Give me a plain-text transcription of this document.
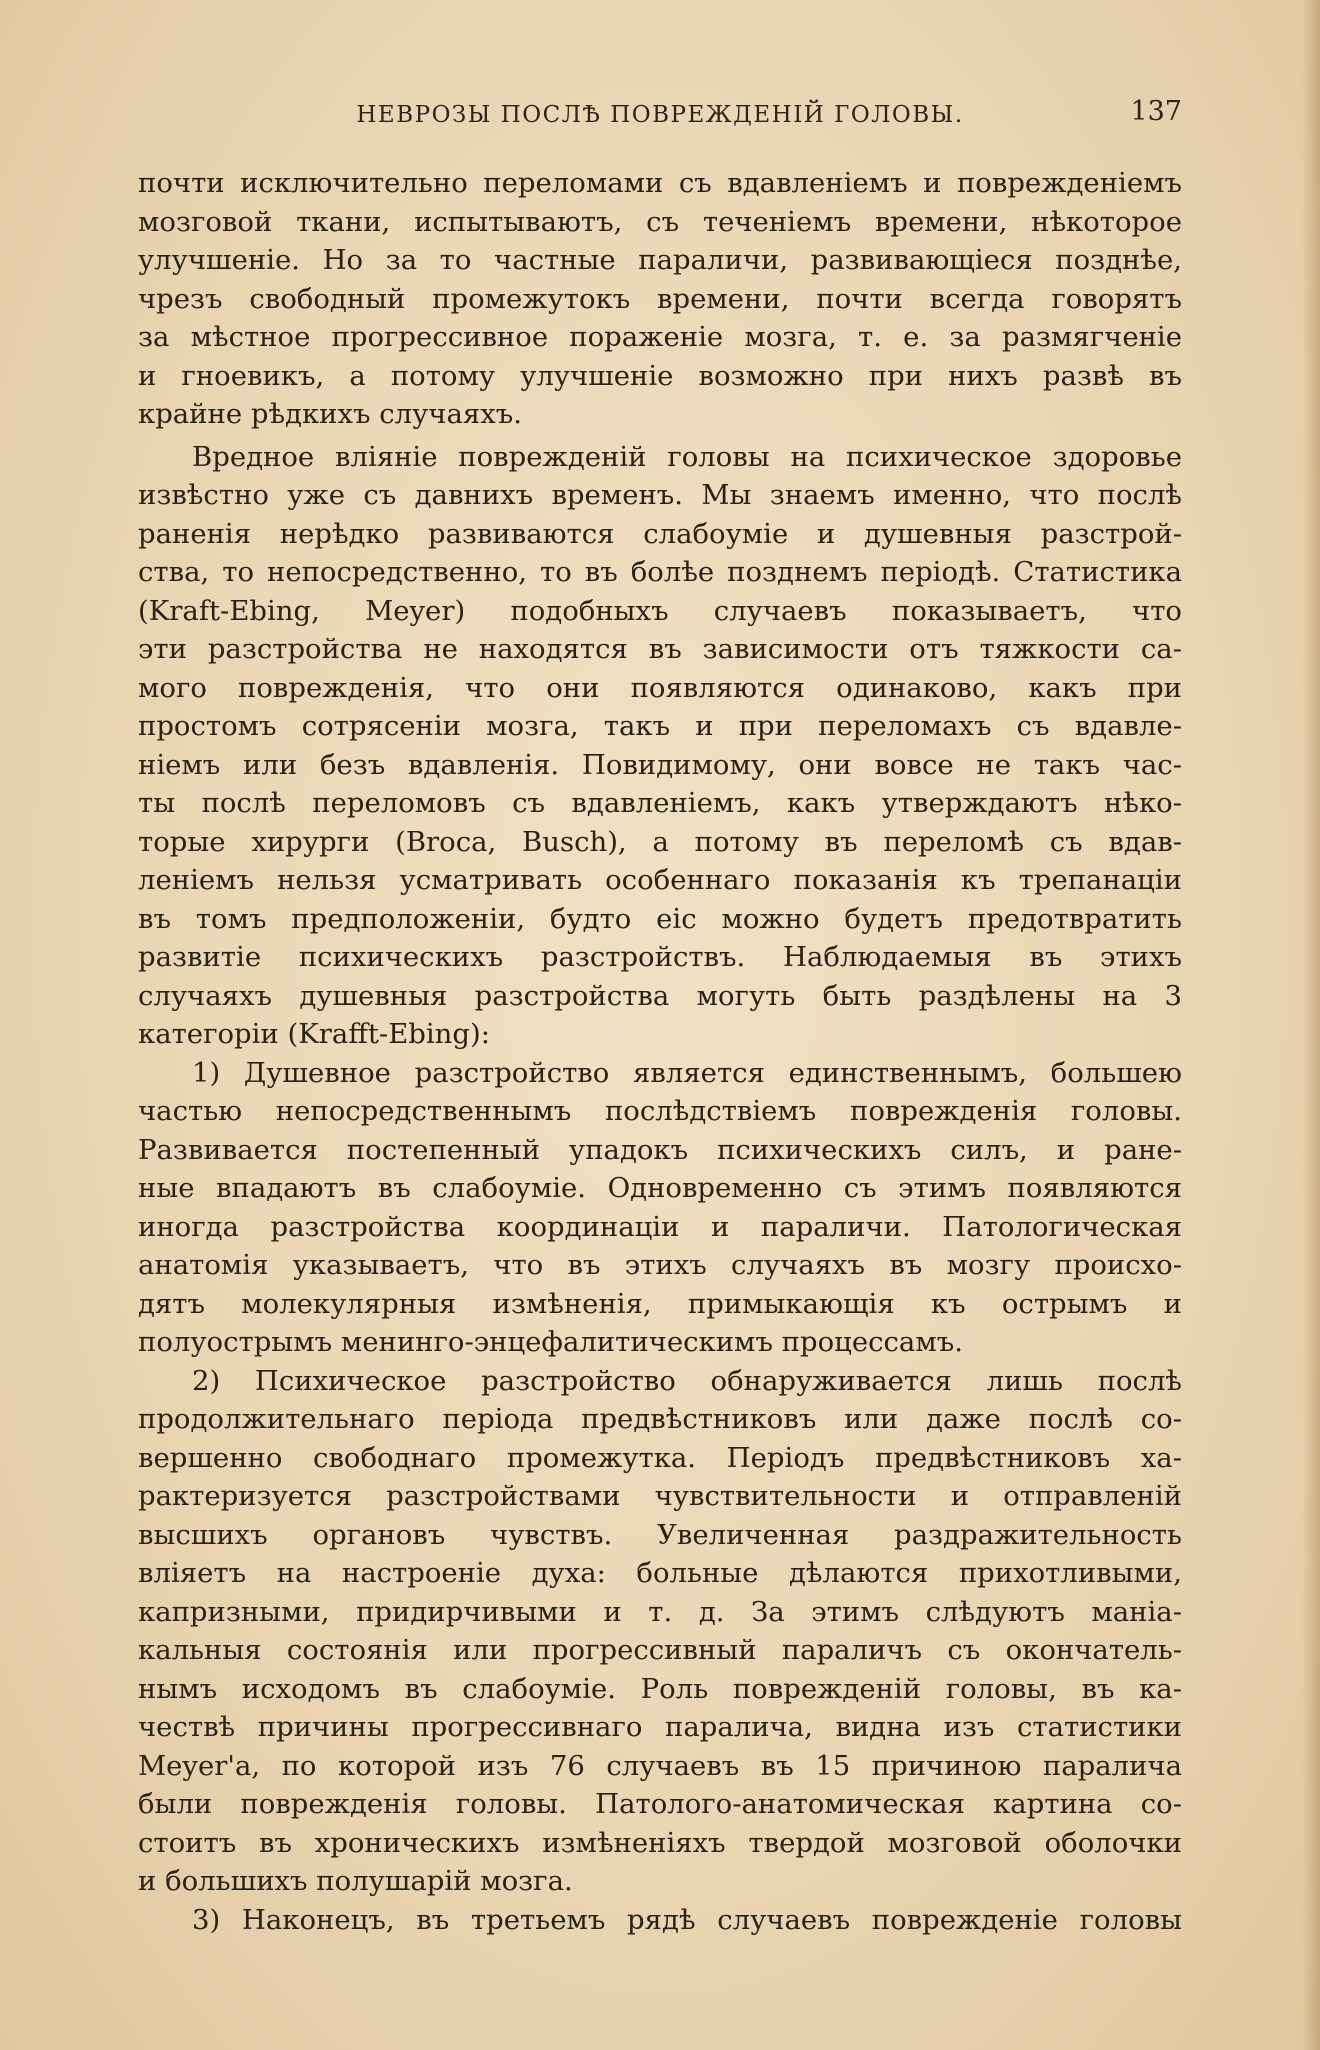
НЕВРОЗЫ ПОСЛѢ ПОВРЕЖДЕНІЙ ГОЛОВЫ.	137
почти исключительно переломами съ вдавленіемъ и поврежденіемъ
мозговой ткани, испытываютъ, съ теченіемъ времени, нѣкоторое
улучшеніе. Но за то частные параличи, развивающіеся позднѣе,
чрезъ свободный промежутокъ времени, почти всегда говорятъ
за мѣстное прогрессивное пораженіе мозга, т. е. за размягченіе
и гноевикъ, а потому улучшеніе возможно при нихъ развѣ въ
крайне рѣдкихъ случаяхъ.
Вредное вліяніе поврежденій головы на психическое здоровье
извѣстно уже съ давнихъ временъ. Мы знаемъ именно, что послѣ
раненія нерѣдко развиваются слабоуміе и душевныя разстрой-
ства, то непосредственно, то въ болѣе позднемъ періодѣ. Статистика
(Kraft-Ebing, Meyer) подобныхъ случаевъ показываетъ, что
эти разстройства не находятся въ зависимости отъ тяжкости са-
мого поврежденія, что они появляются одинаково, какъ при
простомъ сотрясеніи мозга, такъ и при переломахъ съ вдавле-
ніемъ или безъ вдавленія. Повидимому, они вовсе не такъ час-
ты послѣ переломовъ съ вдавленіемъ, какъ утверждаютъ нѣко-
торые хирурги (Broca, Busch), а потому въ переломѣ съ вдав-
леніемъ нельзя усматривать особеннаго показанія къ трепанаціи
въ томъ предположеніи, будто еіс можно будетъ предотвратить
развитіе психическихъ разстройствъ. Наблюдаемыя въ этихъ
случаяхъ душевныя разстройства могуть быть раздѣлены на 3
категоріи (Krafft-Ebing):
1) Душевное разстройство является единственнымъ, большею
частью непосредственнымъ послѣдствіемъ поврежденія головы.
Развивается постепенный упадокъ психическихъ силъ, и ране-
ные впадаютъ въ слабоуміе. Одновременно съ этимъ появляются
иногда разстройства координаціи и параличи. Патологическая
анатомія указываетъ, что въ этихъ случаяхъ въ мозгу происхо-
дятъ молекулярныя измѣненія, примыкающія къ острымъ и
полуострымъ менинго-энцефалитическимъ процессамъ.
2) Психическое разстройство обнаруживается лишь послѣ
продолжительнаго періода предвѣстниковъ или даже послѣ со-
вершенно свободнаго промежутка. Періодъ предвѣстниковъ ха-
рактеризуется разстройствами чувствительности и отправленій
высшихъ органовъ чувствъ. Увеличенная раздражительность
вліяетъ на настроеніе духа: больные дѣлаются прихотливыми,
капризными, придирчивыми и т. д. За этимъ слѣдуютъ маніа-
кальныя состоянія или прогрессивный параличъ съ окончатель-
нымъ исходомъ въ слабоуміе. Роль поврежденій головы, въ ка-
чествѣ причины прогрессивнаго паралича, видна изъ статистики
Meyer'а, по которой изъ 76 случаевъ въ 15 причиною паралича
были поврежденія головы. Патолого-анатомическая картина со-
стоитъ въ хроническихъ измѣненіяхъ твердой мозговой оболочки
и большихъ полушарій мозга.
3) Наконецъ, въ третьемъ рядѣ случаевъ поврежденіе головы
